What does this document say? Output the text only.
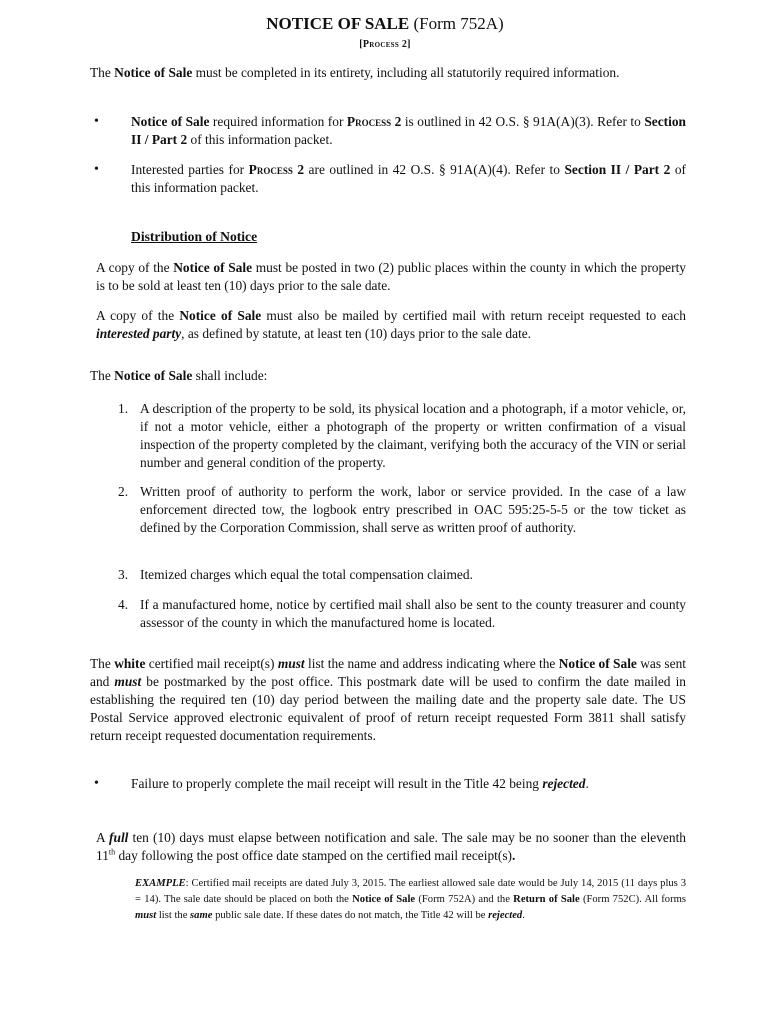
NOTICE OF SALE (Form 752A)
[Process 2]
The Notice of Sale must be completed in its entirety, including all statutorily required information.
•	Notice of Sale required information for Process 2 is outlined in 42 O.S. § 91A(A)(3). Refer to Section II / Part 2 of this information packet.
•	Interested parties for Process 2 are outlined in 42 O.S. § 91A(A)(4). Refer to Section II / Part 2 of this information packet.
Distribution of Notice
A copy of the Notice of Sale must be posted in two (2) public places within the county in which the property is to be sold at least ten (10) days prior to the sale date.
A copy of the Notice of Sale must also be mailed by certified mail with return receipt requested to each interested party, as defined by statute, at least ten (10) days prior to the sale date.
The Notice of Sale shall include:
1. A description of the property to be sold, its physical location and a photograph, if a motor vehicle, or, if not a motor vehicle, either a photograph of the property or written confirmation of a visual inspection of the property completed by the claimant, verifying both the accuracy of the VIN or serial number and general condition of the property.
2. Written proof of authority to perform the work, labor or service provided. In the case of a law enforcement directed tow, the logbook entry prescribed in OAC 595:25-5-5 or the tow ticket as defined by the Corporation Commission, shall serve as written proof of authority.
3. Itemized charges which equal the total compensation claimed.
4. If a manufactured home, notice by certified mail shall also be sent to the county treasurer and county assessor of the county in which the manufactured home is located.
The white certified mail receipt(s) must list the name and address indicating where the Notice of Sale was sent and must be postmarked by the post office. This postmark date will be used to confirm the date mailed in establishing the required ten (10) day period between the mailing date and the property sale date. The US Postal Service approved electronic equivalent of proof of return receipt requested Form 3811 shall satisfy return receipt requested documentation requirements.
•	Failure to properly complete the mail receipt will result in the Title 42 being rejected.
A full ten (10) days must elapse between notification and sale. The sale may be no sooner than the eleventh 11th day following the post office date stamped on the certified mail receipt(s).
EXAMPLE: Certified mail receipts are dated July 3, 2015. The earliest allowed sale date would be July 14, 2015 (11 days plus 3 = 14). The sale date should be placed on both the Notice of Sale (Form 752A) and the Return of Sale (Form 752C). All forms must list the same public sale date. If these dates do not match, the Title 42 will be rejected.
